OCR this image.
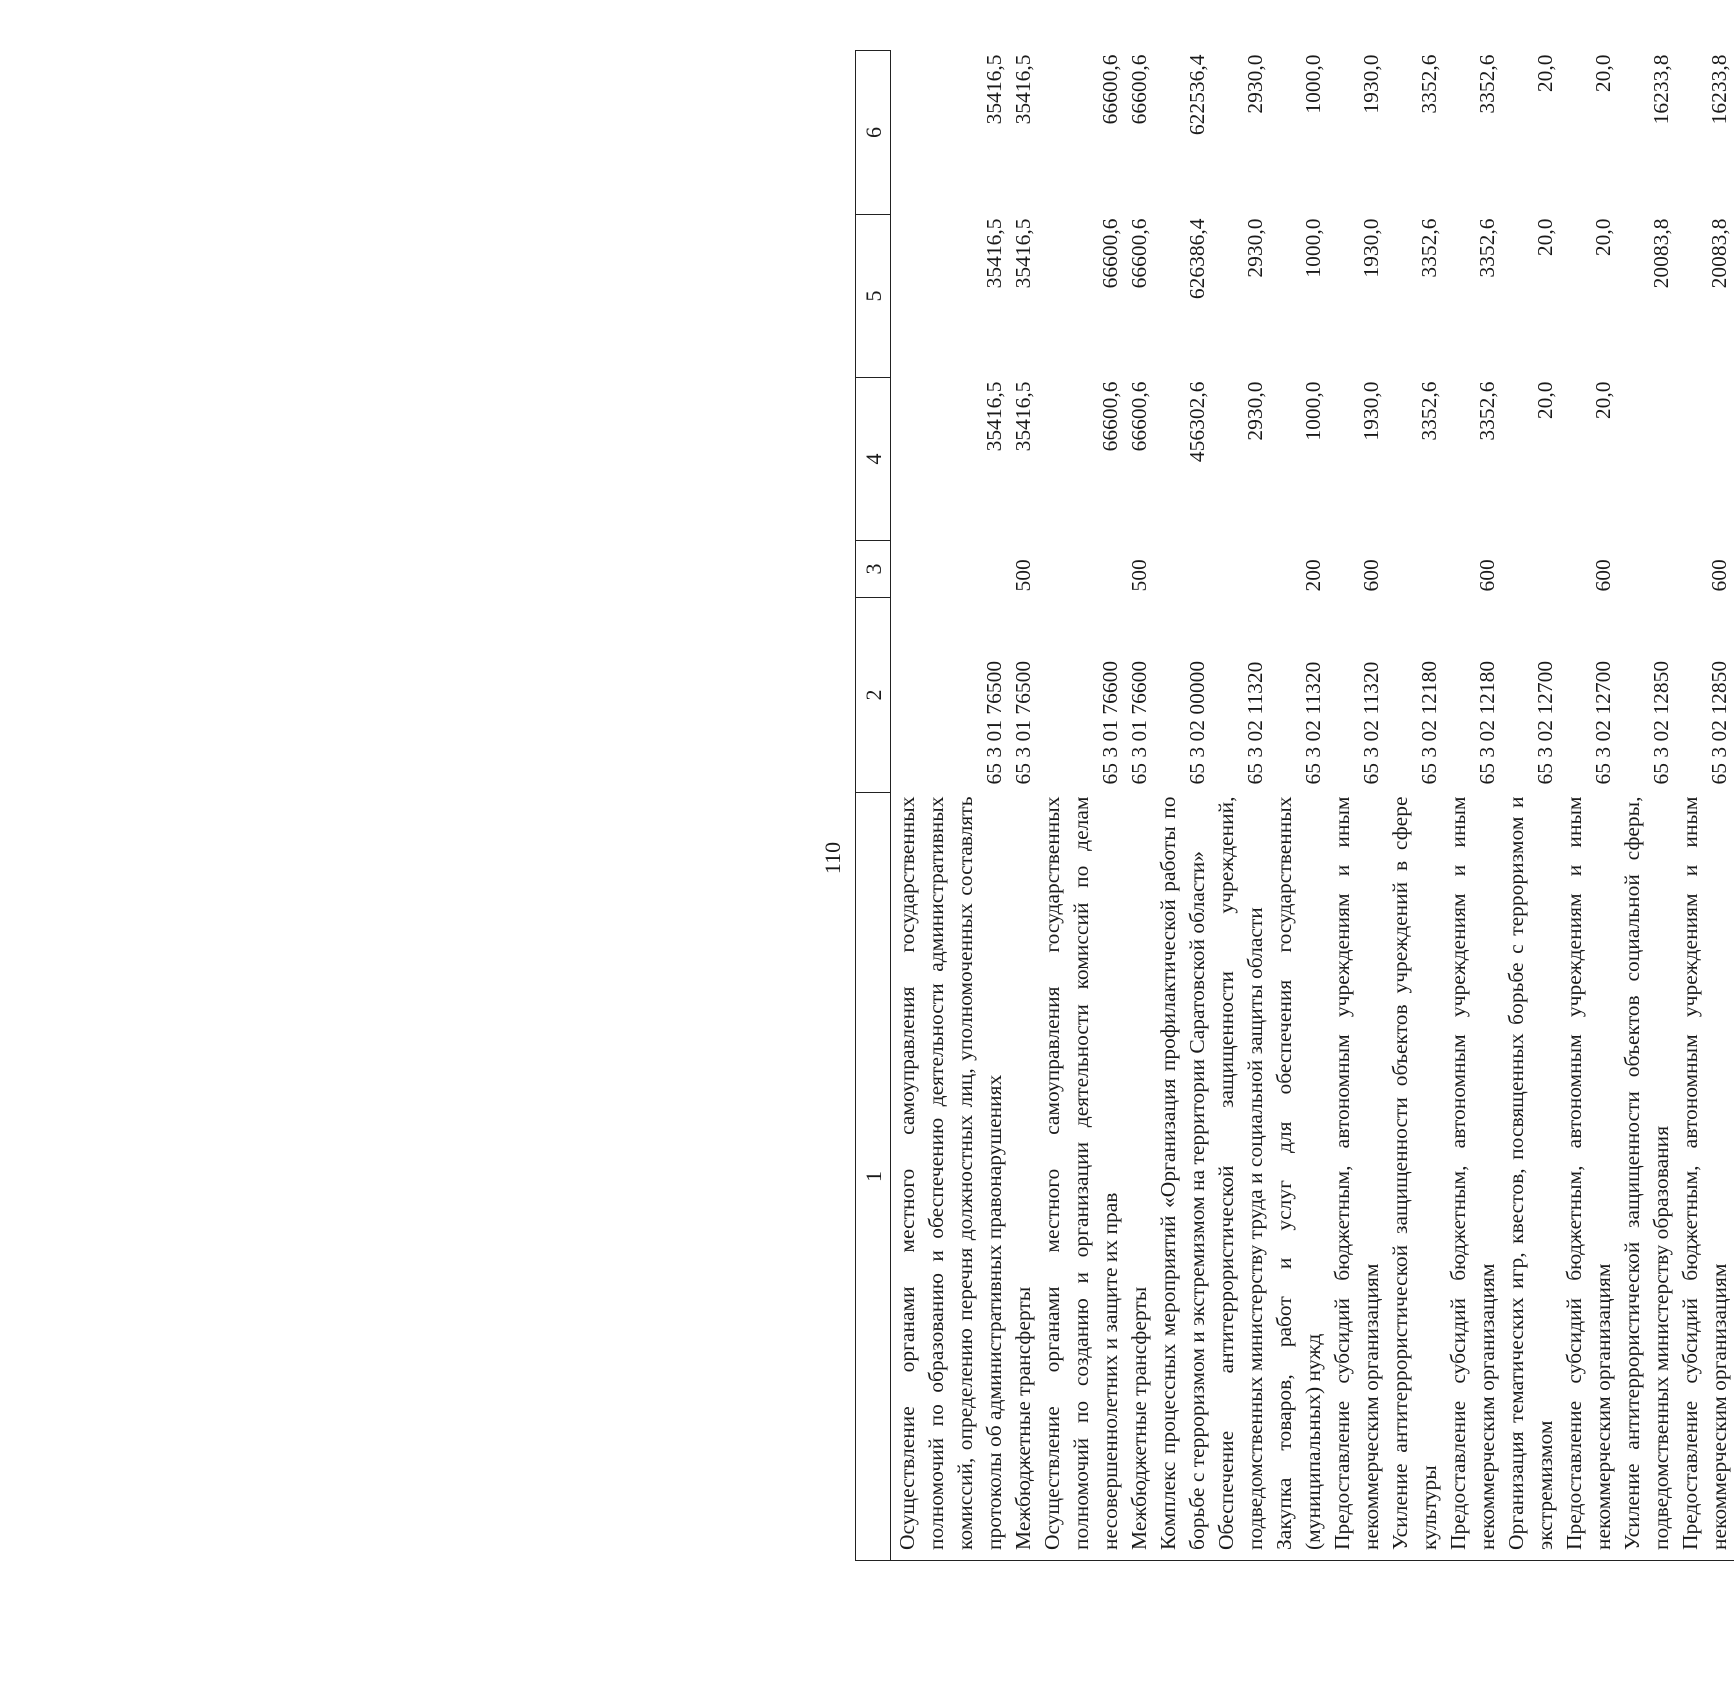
110
1	2	3	4	5	6
Осуществление органами местного самоуправления государственных полномочий по образованию и обеспечению деятельности административных комиссий, определению перечня должностных лиц, уполномоченных составлять протоколы об административных правонарушениях	65 3 01 76500		35416,5	35416,5	35416,5
Межбюджетные трансферты	65 3 01 76500	500	35416,5	35416,5	35416,5
Осуществление органами местного самоуправления государственных полномочий по созданию и организации деятельности комиссий по делам несовершеннолетних и защите их прав	65 3 01 76600		66600,6	66600,6	66600,6
Межбюджетные трансферты	65 3 01 76600	500	66600,6	66600,6	66600,6
Комплекс процессных мероприятий «Организация профилактической работы по борьбе с терроризмом и экстремизмом на территории Саратовской области»	65 3 02 00000		456302,6	626386,4	622536,4
Обеспечение антитеррористической защищенности учреждений, подведомственных министерству труда и социальной защиты области	65 3 02 11320		2930,0	2930,0	2930,0
Закупка товаров, работ и услуг для обеспечения государственных (муниципальных) нужд	65 3 02 11320	200	1000,0	1000,0	1000,0
Предоставление субсидий бюджетным, автономным учреждениям и иным некоммерческим организациям	65 3 02 11320	600	1930,0	1930,0	1930,0
Усиление антитеррористической защищенности объектов учреждений в сфере культуры	65 3 02 12180		3352,6	3352,6	3352,6
Предоставление субсидий бюджетным, автономным учреждениям и иным некоммерческим организациям	65 3 02 12180	600	3352,6	3352,6	3352,6
Организация тематических игр, квестов, посвященных борьбе с терроризмом и экстремизмом	65 3 02 12700		20,0	20,0	20,0
Предоставление субсидий бюджетным, автономным учреждениям и иным некоммерческим организациям	65 3 02 12700	600	20,0	20,0	20,0
Усиление антитеррористической защищенности объектов социальной сферы, подведомственных министерству образования	65 3 02 12850			20083,8	16233,8
Предоставление субсидий бюджетным, автономным учреждениям и иным некоммерческим организациям	65 3 02 12850	600		20083,8	16233,8
